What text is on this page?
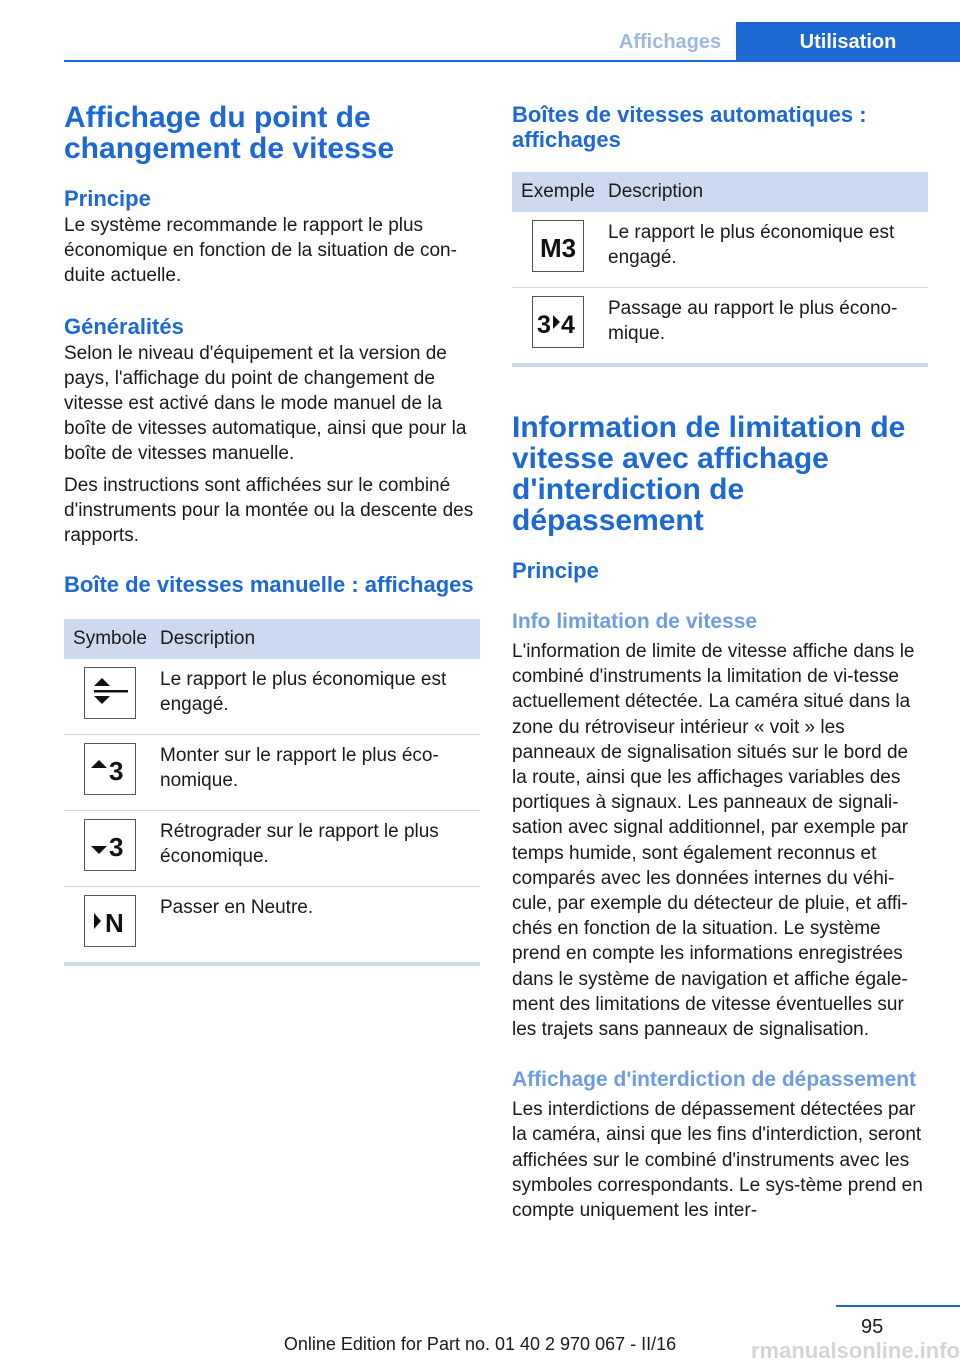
Affichages	Utilisation
Affichage du point de changement de vitesse
Principe

Le système recommande le rapport le plus économique en fonction de la situation de con-duite actuelle.

Généralités

Selon le niveau d'équipement et la version de pays, l'affichage du point de changement de vitesse est activé dans le mode manuel de la boîte de vitesses automatique, ainsi que pour la boîte de vitesses manuelle.

Des instructions sont affichées sur le combiné d'instruments pour la montée ou la descente des rapports.

Boîte de vitesses manuelle : affichages
Symbole Description
Le rapport le plus économique est engagé.
3
Monter sur le rapport le plus éco-nomique.
3
Rétrograder sur le rapport le plus économique.
N
Passer en Neutre.
Boîtes de vitesses automatiques : affichages
Exemple Description
M3
Le rapport le plus économique est engagé.
3 4
Passage au rapport le plus écono-mique.
Information de limitation de vitesse avec affichage d'interdiction de dépassement
Principe
Info limitation de vitesse

L'information de limite de vitesse affiche dans le combiné d'instruments la limitation de vi-tesse actuellement détectée. La caméra situé dans la zone du rétroviseur intérieur « voit » les panneaux de signalisation situés sur le bord de la route, ainsi que les affichages variables des portiques à signaux. Les panneaux de signali-sation avec signal additionnel, par exemple par temps humide, sont également reconnus et comparés avec les données internes du véhi-cule, par exemple du détecteur de pluie, et affi-chés en fonction de la situation. Le système prend en compte les informations enregistrées dans le système de navigation et affiche égale-ment des limitations de vitesse éventuelles sur les trajets sans panneaux de signalisation.

Affichage d'interdiction de dépassement

Les interdictions de dépassement détectées par la caméra, ainsi que les fins d'interdiction, seront affichées sur le combiné d'instruments avec les symboles correspondants. Le sys-tème prend en compte uniquement les inter-

95
Online Edition for Part no. 01 40 2 970 067 - II/16	rmanualsonline.info
